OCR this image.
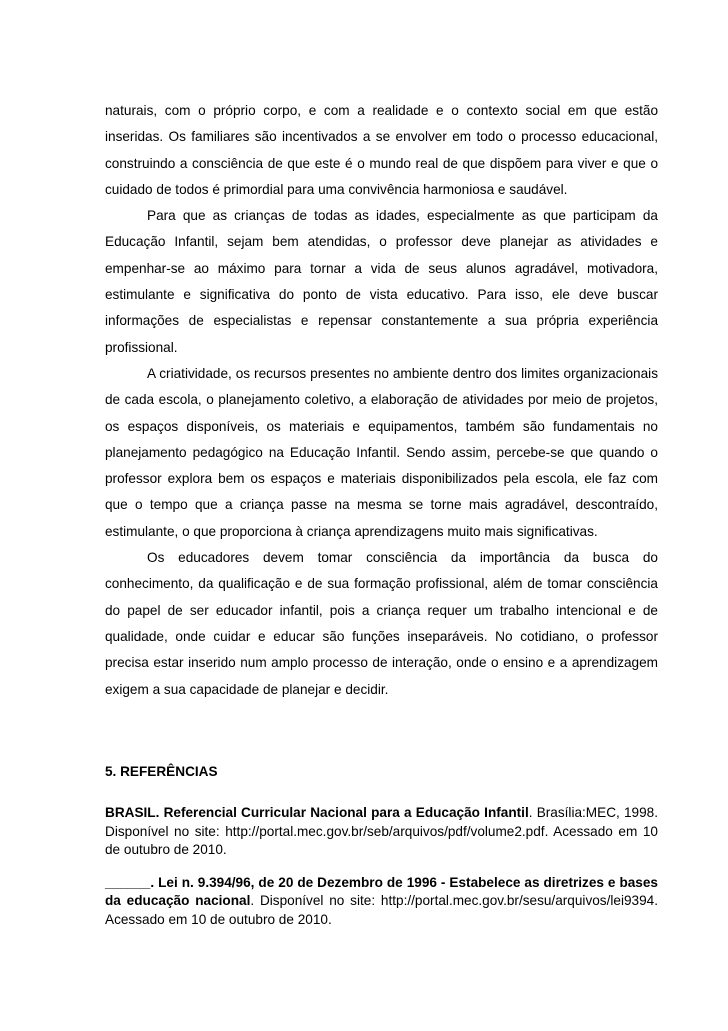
naturais, com o próprio corpo, e com a realidade e o contexto social em que estão inseridas. Os familiares são incentivados a se envolver em todo o processo educacional, construindo a consciência de que este é o mundo real de que dispõem para viver e que o cuidado de todos é primordial para uma convivência harmoniosa e saudável.

Para que as crianças de todas as idades, especialmente as que participam da Educação Infantil, sejam bem atendidas, o professor deve planejar as atividades e empenhar-se ao máximo para tornar a vida de seus alunos agradável, motivadora, estimulante e significativa do ponto de vista educativo. Para isso, ele deve buscar informações de especialistas e repensar constantemente a sua própria experiência profissional.

A criatividade, os recursos presentes no ambiente dentro dos limites organizacionais de cada escola, o planejamento coletivo, a elaboração de atividades por meio de projetos, os espaços disponíveis, os materiais e equipamentos, também são fundamentais no planejamento pedagógico na Educação Infantil. Sendo assim, percebe-se que quando o professor explora bem os espaços e materiais disponibilizados pela escola, ele faz com que o tempo que a criança passe na mesma se torne mais agradável, descontraído, estimulante, o que proporciona à criança aprendizagens muito mais significativas.

Os educadores devem tomar consciência da importância da busca do conhecimento, da qualificação e de sua formação profissional, além de tomar consciência do papel de ser educador infantil, pois a criança requer um trabalho intencional e de qualidade, onde cuidar e educar são funções inseparáveis. No cotidiano, o professor precisa estar inserido num amplo processo de interação, onde o ensino e a aprendizagem exigem a sua capacidade de planejar e decidir.

5. REFERÊNCIAS

BRASIL. Referencial Curricular Nacional para a Educação Infantil. Brasília:MEC, 1998. Disponível no site: http://portal.mec.gov.br/seb/arquivos/pdf/volume2.pdf. Acessado em 10 de outubro de 2010.

______. Lei n. 9.394/96, de 20 de Dezembro de 1996 - Estabelece as diretrizes e bases da educação nacional. Disponível no site: http://portal.mec.gov.br/sesu/arquivos/lei9394. Acessado em 10 de outubro de 2010.
